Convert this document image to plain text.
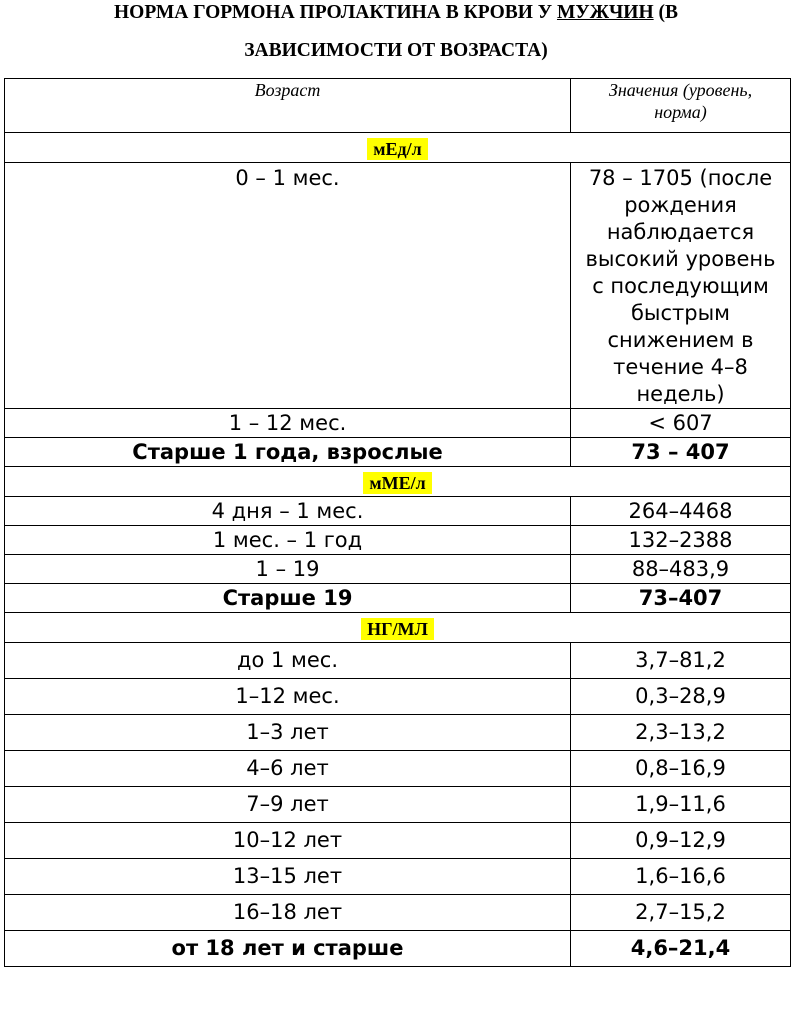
НОРМА ГОРМОНА ПРОЛАКТИНА В КРОВИ У МУЖЧИН (В
ЗАВИСИМОСТИ ОТ ВОЗРАСТА)
Возраст	Значения (уровень, норма)
мЕд/л	
0 – 1 мес.	78 – 1705 (после рождения наблюдается высокий уровень с последующим быстрым снижением в течение 4–8 недель)
1 – 12 мес.	< 607
Старше 1 года, взрослые	73 – 407
мМЕ/л	
4 дня – 1 мес.	264–4468
1 мес. – 1 год	132–2388
1 – 19	88–483,9
Старше 19	73–407
НГ/МЛ	
до 1 мес.	3,7–81,2
1–12 мес.	0,3–28,9
1–3 лет	2,3–13,2
4–6 лет	0,8–16,9
7–9 лет	1,9–11,6
10–12 лет	0,9–12,9
13–15 лет	1,6–16,6
16–18 лет	2,7–15,2
от 18 лет и старше	4,6–21,4
